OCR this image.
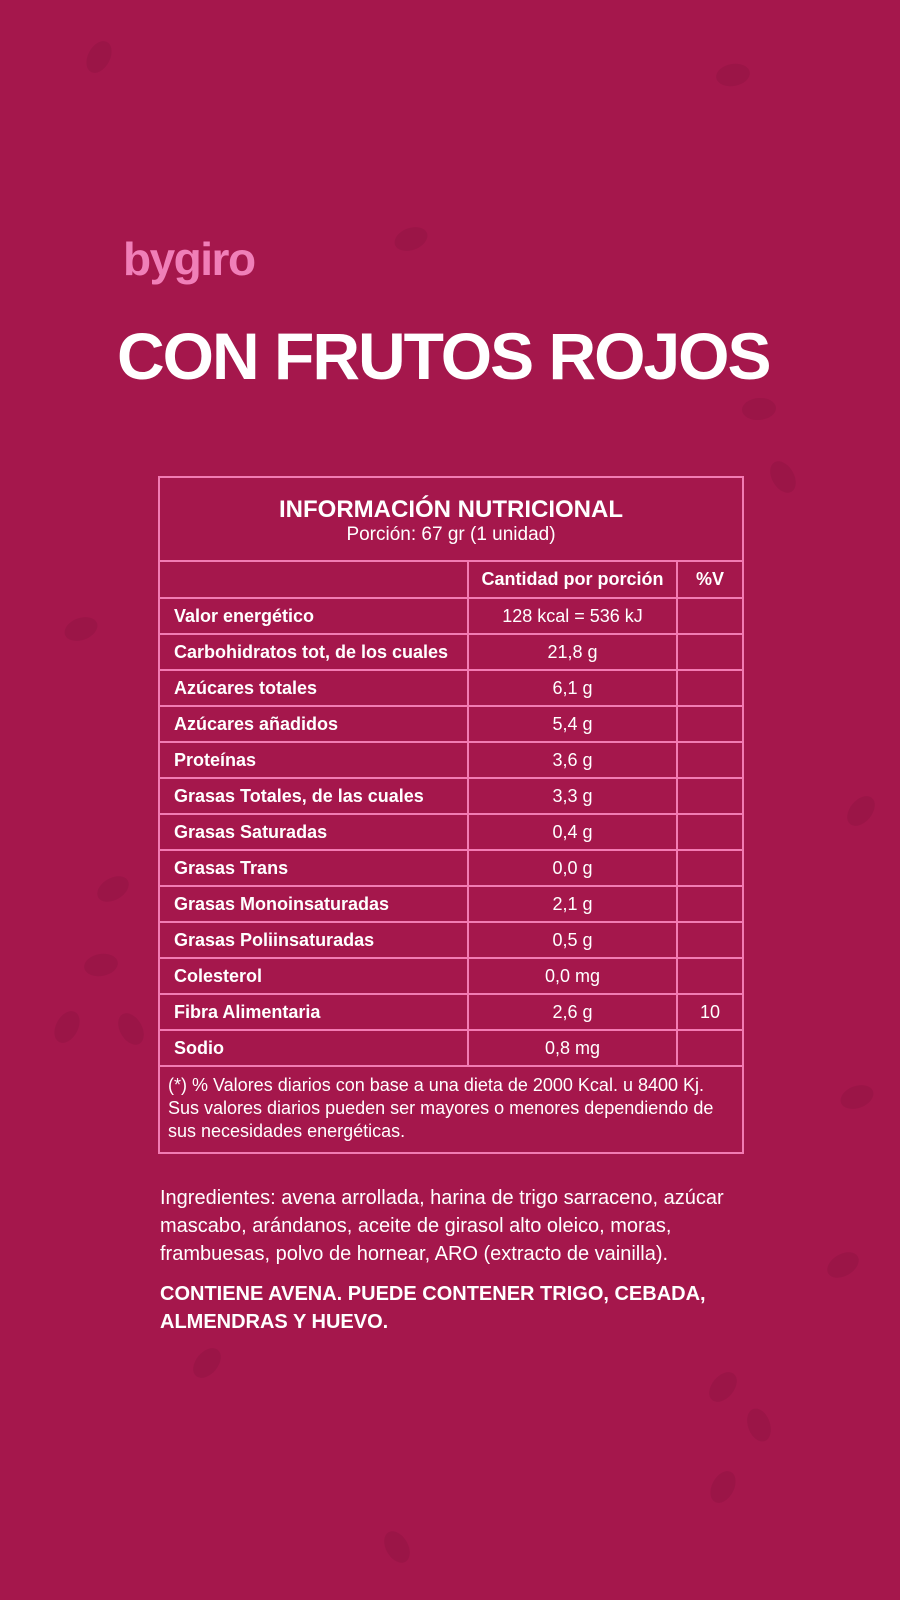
bygiro
CON FRUTOS ROJOS
INFORMACIÓN NUTRICIONAL
Porción: 67 gr (1 unidad)
	Cantidad por porción	%V
Valor energético	128 kcal = 536 kJ	
Carbohidratos tot, de los cuales	21,8 g	
Azúcares totales	6,1 g	
Azúcares añadidos	5,4 g	
Proteínas	3,6 g	
Grasas Totales, de las cuales	3,3 g	
Grasas Saturadas	0,4 g	
Grasas Trans	0,0 g	
Grasas Monoinsaturadas	2,1 g	
Grasas Poliinsaturadas	0,5 g	
Colesterol	0,0 mg	
Fibra Alimentaria	2,6 g	10
Sodio	0,8 mg	
(*) % Valores diarios con base a una dieta de 2000 Kcal. u 8400 Kj. Sus valores diarios pueden ser mayores o menores dependiendo de sus necesidades energéticas.

Ingredientes: avena arrollada, harina de trigo sarraceno, azúcar mascabo, arándanos, aceite de girasol alto oleico, moras, frambuesas, polvo de hornear, ARO (extracto de vainilla).

CONTIENE AVENA. PUEDE CONTENER TRIGO, CEBADA, ALMENDRAS Y HUEVO.
